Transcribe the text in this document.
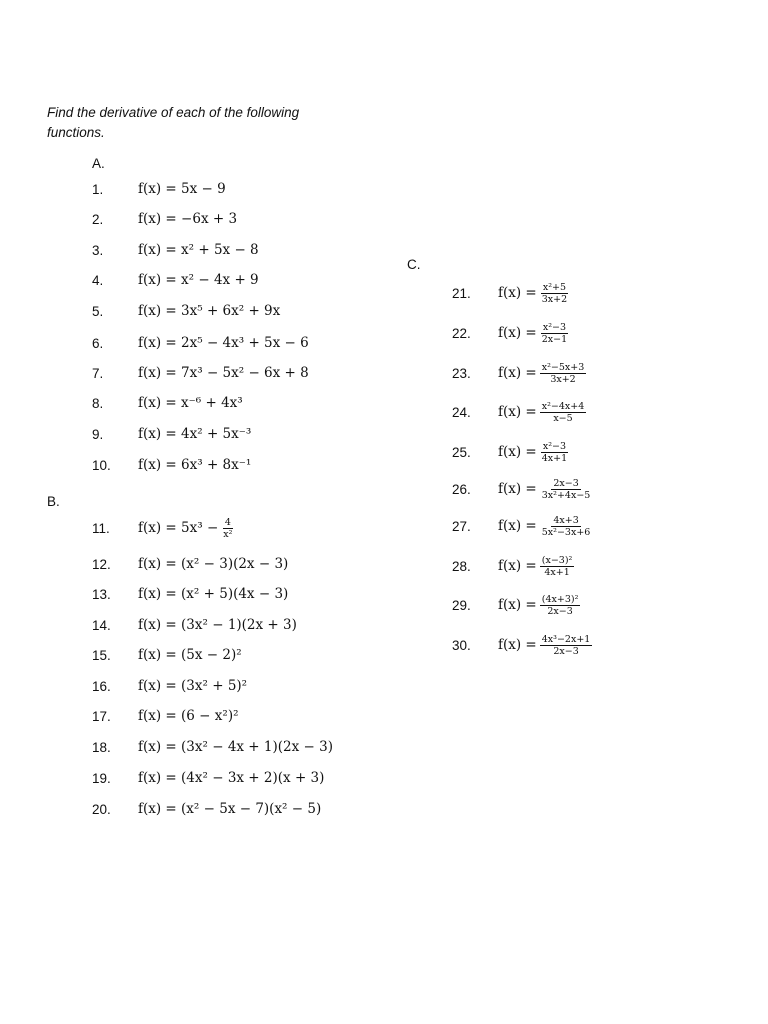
Find the derivative of each of the following functions.
A.
B.
C.
1.	f(x) = 5x − 9
2.	f(x) = −6x + 3
3.	f(x) = x² + 5x − 8
4.	f(x) = x² − 4x + 9
5.	f(x) = 3x⁵ + 6x² + 9x
6.	f(x) = 2x⁵ − 4x³ + 5x − 6
7.	f(x) = 7x³ − 5x² − 6x + 8
8.	f(x) = x⁻⁶ + 4x³
9.	f(x) = 4x² + 5x⁻³
10.	f(x) = 6x³ + 8x⁻¹
11.	$f(x) = 5x^3 - \frac{4}{\text{x²}}$
12.	f(x) = (x² − 3)(2x − 3)
13.	f(x) = (x² + 5)(4x − 3)
14.	f(x) = (3x² − 1)(2x + 3)
15.	f(x) = (5x − 2)²
16.	f(x) = (3x² + 5)²
17.	f(x) = (6 − x²)²
18.	f(x) = (3x² − 4x + 1)(2x − 3)
19.	f(x) = (4x² − 3x + 2)(x + 3)
20.	f(x) = (x² − 5x − 7)(x² − 5)
21.	$f(x) = \frac{\text{x²+5}}{3x+2}$
22.	$f(x) = \frac{\text{x²−3}}{2x-1}$
23.	$f(x) = \frac{\text{x²−5x+3}}{3x+2}$
24.	$f(x) = \frac{\text{x²−4x+4}}{x-5}$
25.	$f(x) = \frac{\text{x²−3}}{4x+1}$
26.	$f(x) = \frac{2x-3}{\text{3x²+4x−5}}$
27.	$f(x) = \frac{4x+3}{\text{5x²−3x+6}}$
28.	$f(x) = \frac{\text{(x−3)²}}{4x+1}$
29.	$f(x) = \frac{\text{(4x+3)²}}{2x-3}$
30.	$f(x) = \frac{\text{4x³−2x+1}}{2x-3}$
